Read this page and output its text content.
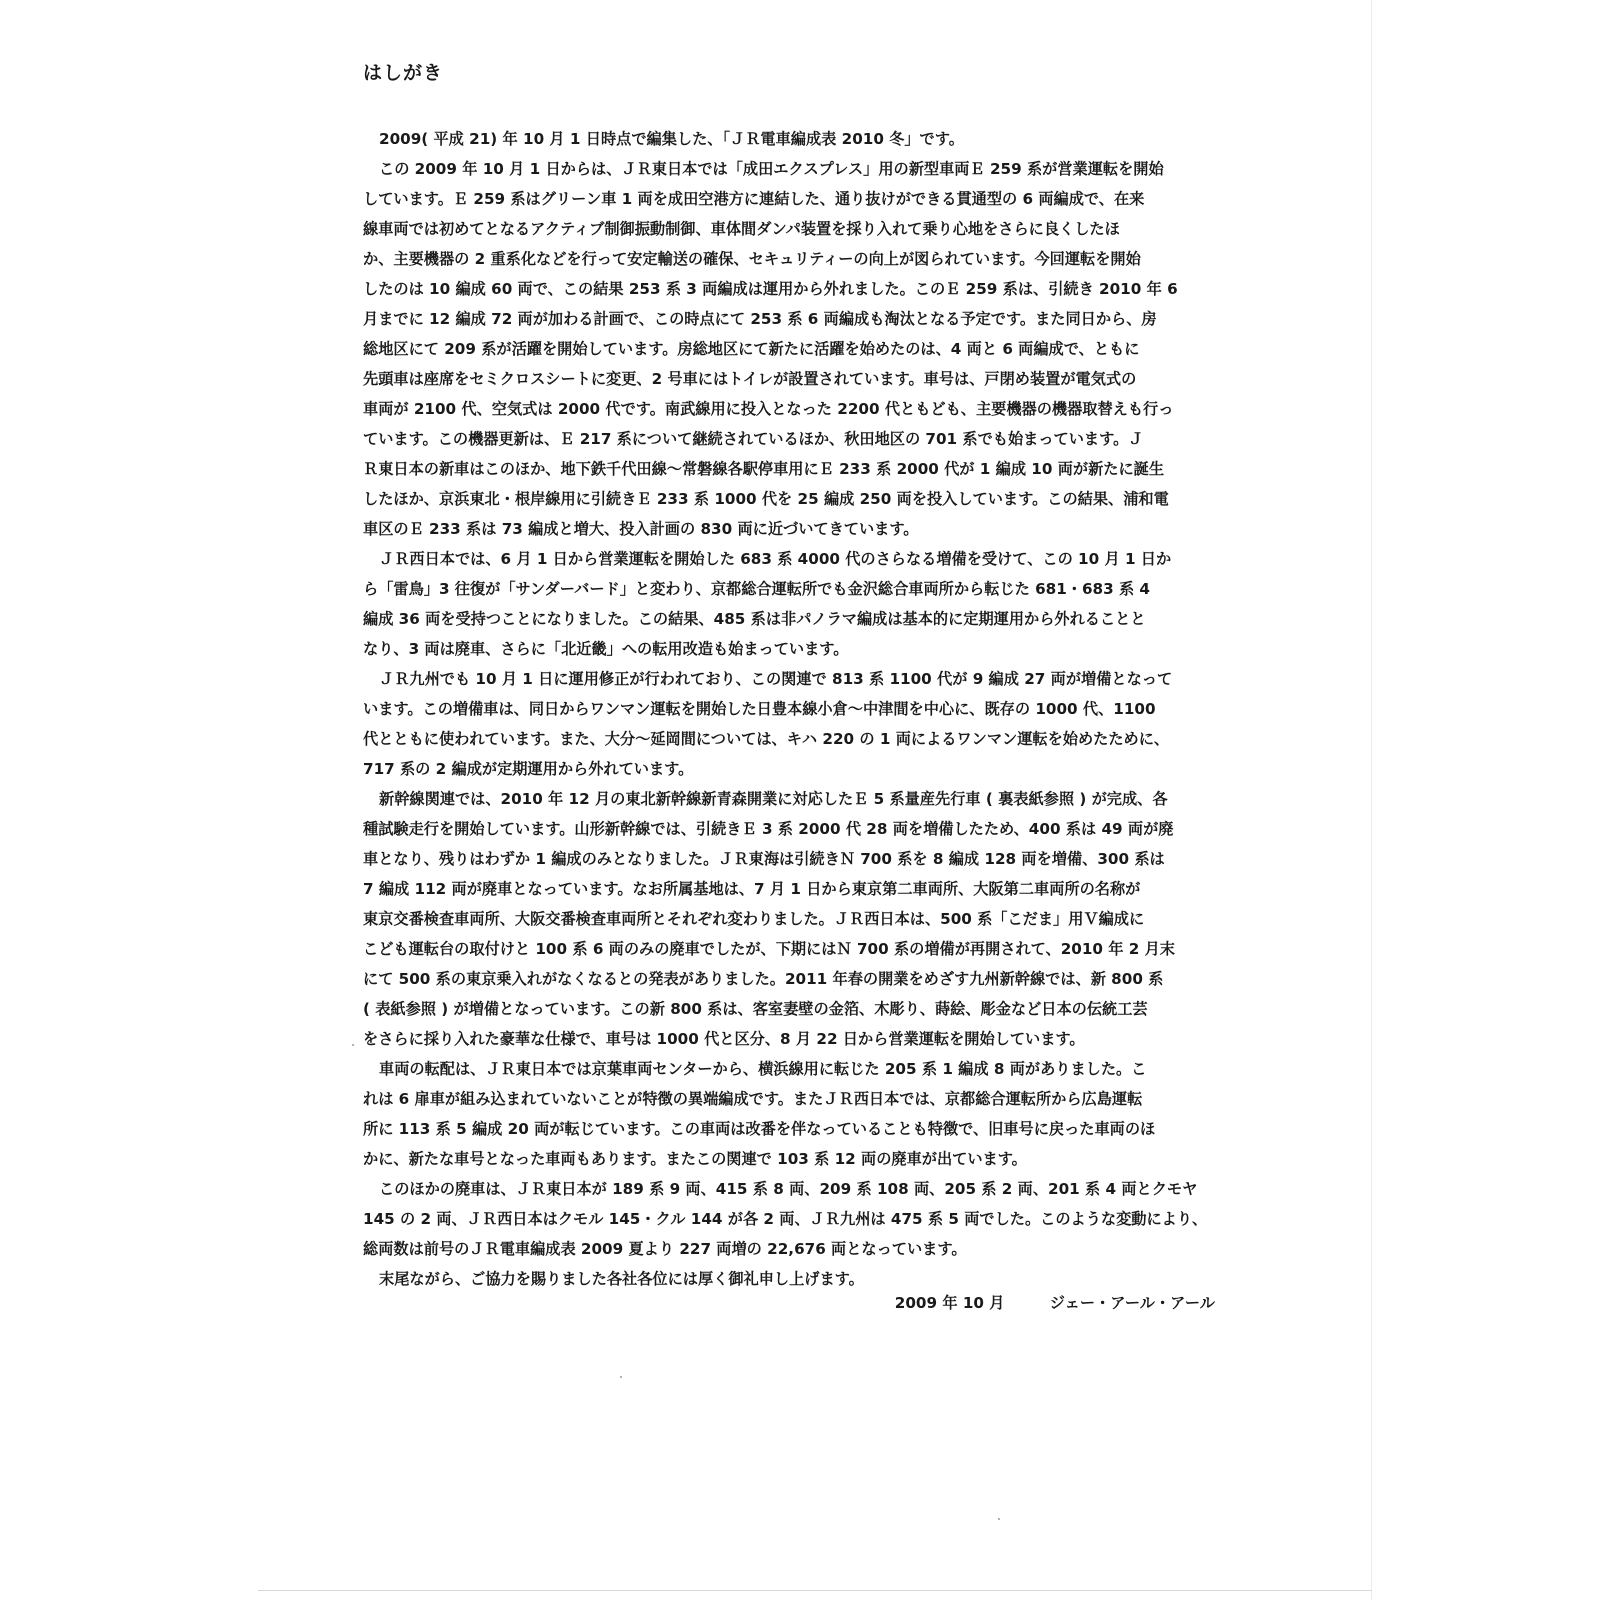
はしがき
2009( 平成 21) 年 10 月 1 日時点で編集した、「ＪＲ電車編成表 2010 冬」です。
この 2009 年 10 月 1 日からは、ＪＲ東日本では「成田エクスプレス」用の新型車両Ｅ 259 系が営業運転を開始
しています。Ｅ 259 系はグリーン車 1 両を成田空港方に連結した、通り抜けができる貫通型の 6 両編成で、在来
線車両では初めてとなるアクティブ制御振動制御、車体間ダンパ装置を採り入れて乗り心地をさらに良くしたほ
か、主要機器の 2 重系化などを行って安定輸送の確保、セキュリティーの向上が図られています。今回運転を開始
したのは 10 編成 60 両で、この結果 253 系 3 両編成は運用から外れました。このＥ 259 系は、引続き 2010 年 6
月までに 12 編成 72 両が加わる計画で、この時点にて 253 系 6 両編成も淘汰となる予定です。また同日から、房
総地区にて 209 系が活躍を開始しています。房総地区にて新たに活躍を始めたのは、4 両と 6 両編成で、ともに
先頭車は座席をセミクロスシートに変更、2 号車にはトイレが設置されています。車号は、戸閉め装置が電気式の
車両が 2100 代、空気式は 2000 代です。南武線用に投入となった 2200 代ともども、主要機器の機器取替えも行っ
ています。この機器更新は、Ｅ 217 系について継続されているほか、秋田地区の 701 系でも始まっています。Ｊ
Ｒ東日本の新車はこのほか、地下鉄千代田線～常磐線各駅停車用にＥ 233 系 2000 代が 1 編成 10 両が新たに誕生
したほか、京浜東北・根岸線用に引続きＥ 233 系 1000 代を 25 編成 250 両を投入しています。この結果、浦和電
車区のＥ 233 系は 73 編成と増大、投入計画の 830 両に近づいてきています。
ＪＲ西日本では、6 月 1 日から営業運転を開始した 683 系 4000 代のさらなる増備を受けて、この 10 月 1 日か
ら「雷鳥」3 往復が「サンダーバード」と変わり、京都総合運転所でも金沢総合車両所から転じた 681・683 系 4
編成 36 両を受持つことになりました。この結果、485 系は非パノラマ編成は基本的に定期運用から外れることと
なり、3 両は廃車、さらに「北近畿」への転用改造も始まっています。
ＪＲ九州でも 10 月 1 日に運用修正が行われており、この関連で 813 系 1100 代が 9 編成 27 両が増備となって
います。この増備車は、同日からワンマン運転を開始した日豊本線小倉～中津間を中心に、既存の 1000 代、1100
代とともに使われています。また、大分～延岡間については、キハ 220 の 1 両によるワンマン運転を始めたために、
717 系の 2 編成が定期運用から外れています。
新幹線関連では、2010 年 12 月の東北新幹線新青森開業に対応したＥ 5 系量産先行車 ( 裏表紙参照 ) が完成、各
種試験走行を開始しています。山形新幹線では、引続きＥ 3 系 2000 代 28 両を増備したため、400 系は 49 両が廃
車となり、残りはわずか 1 編成のみとなりました。ＪＲ東海は引続きＮ 700 系を 8 編成 128 両を増備、300 系は
7 編成 112 両が廃車となっています。なお所属基地は、7 月 1 日から東京第二車両所、大阪第二車両所の名称が
東京交番検査車両所、大阪交番検査車両所とそれぞれ変わりました。ＪＲ西日本は、500 系「こだま」用Ｖ編成に
こども運転台の取付けと 100 系 6 両のみの廃車でしたが、下期にはＮ 700 系の増備が再開されて、2010 年 2 月末
にて 500 系の東京乗入れがなくなるとの発表がありました。2011 年春の開業をめざす九州新幹線では、新 800 系
( 表紙参照 ) が増備となっています。この新 800 系は、客室妻壁の金箔、木彫り、蒔絵、彫金など日本の伝統工芸
をさらに採り入れた豪華な仕様で、車号は 1000 代と区分、8 月 22 日から営業運転を開始しています。
車両の転配は、ＪＲ東日本では京葉車両センターから、横浜線用に転じた 205 系 1 編成 8 両がありました。こ
れは 6 扉車が組み込まれていないことが特徴の異端編成です。またＪＲ西日本では、京都総合運転所から広島運転
所に 113 系 5 編成 20 両が転じています。この車両は改番を伴なっていることも特徴で、旧車号に戻った車両のほ
かに、新たな車号となった車両もあります。またこの関連で 103 系 12 両の廃車が出ています。
このほかの廃車は、ＪＲ東日本が 189 系 9 両、415 系 8 両、209 系 108 両、205 系 2 両、201 系 4 両とクモヤ
145 の 2 両、ＪＲ西日本はクモル 145・クル 144 が各 2 両、ＪＲ九州は 475 系 5 両でした。このような変動により、
総両数は前号のＪＲ電車編成表 2009 夏より 227 両増の 22,676 両となっています。
末尾ながら、ご協力を賜りました各社各位には厚く御礼申し上げます。
2009 年 10 月	ジェー・アール・アール
